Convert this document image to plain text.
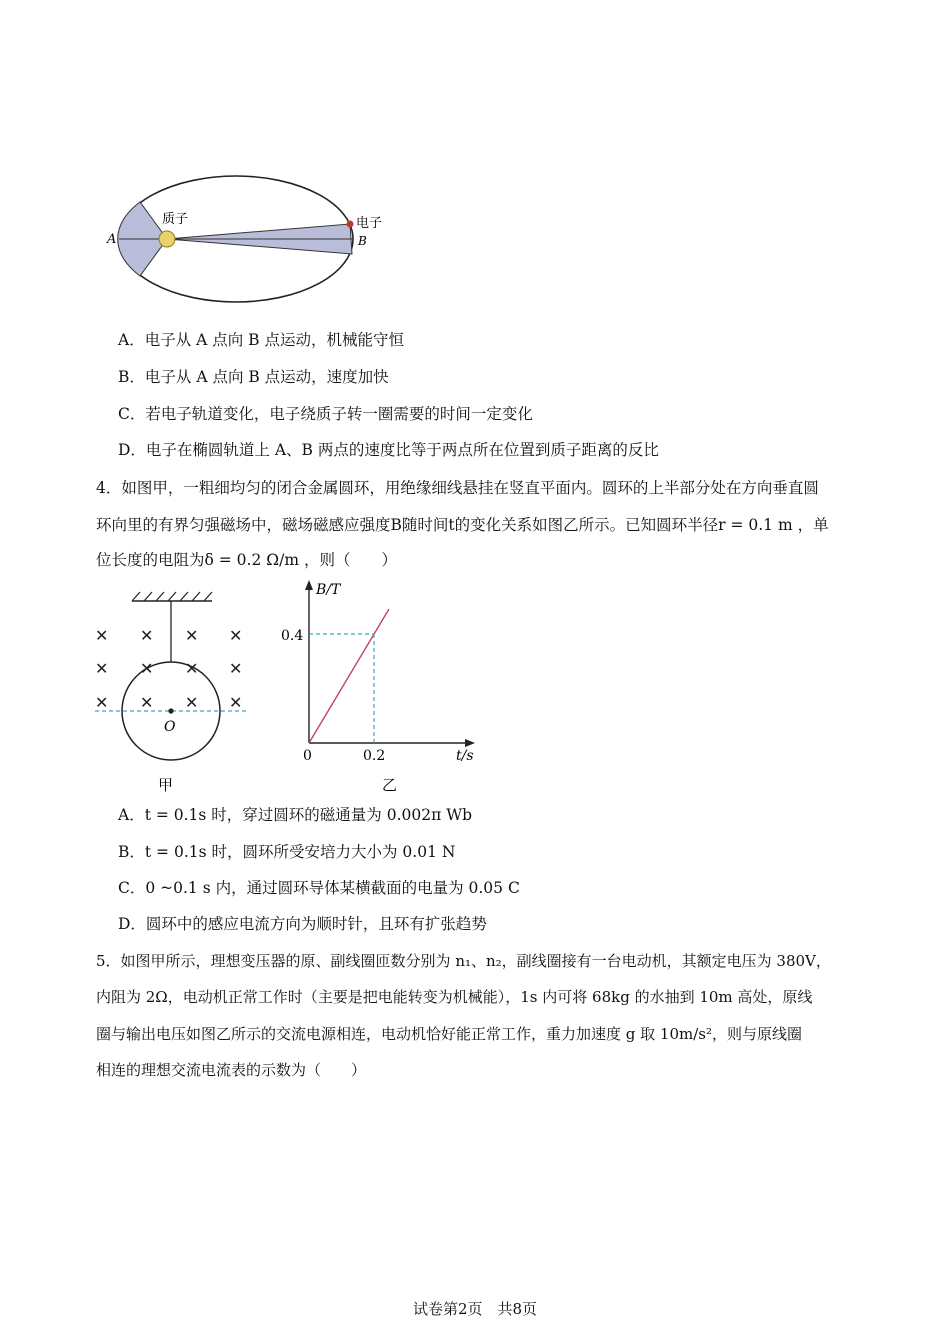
质子	电子
A	B
A．电子从 A 点向 B 点运动，机械能守恒
B．电子从 A 点向 B 点运动，速度加快
C．若电子轨道变化，电子绕质子转一圈需要的时间一定变化
D．电子在椭圆轨道上 A、B 两点的速度比等于两点所在位置到质子距离的反比
4．如图甲，一粗细均匀的闭合金属圆环，用绝缘细线悬挂在竖直平面内。圆环的上半部分处在方向垂直圆
环向里的有界匀强磁场中，磁场磁感应强度B随时间t的变化关系如图乙所示。已知圆环半径r = 0.1 m ，单
位长度的电阻为δ = 0.2 Ω/m ，则（　　）
✕ ✕ ✕ ✕
✕ ✕ ✕ ✕
✕ ✕ ✕ ✕
O
甲
B/T
t/s
0
0.4
0.2
乙
A．t = 0.1s 时，穿过圆环的磁通量为 0.002π Wb
B．t = 0.1s 时，圆环所受安培力大小为 0.01 N
C．0 ~0.1 s 内，通过圆环导体某横截面的电量为 0.05 C
D．圆环中的感应电流方向为顺时针，且环有扩张趋势
5．如图甲所示，理想变压器的原、副线圈匝数分别为 n₁、n₂，副线圈接有一台电动机，其额定电压为 380V，
内阻为 2Ω，电动机正常工作时（主要是把电能转变为机械能），1s 内可将 68kg 的水抽到 10m 高处，原线
圈与输出电压如图乙所示的交流电源相连，电动机恰好能正常工作，重力加速度 g 取 10m/s²，则与原线圈
相连的理想交流电流表的示数为（　　）
试卷第2页　共8页
